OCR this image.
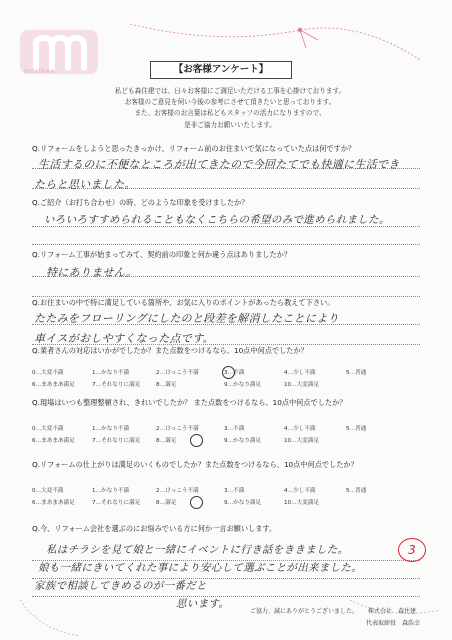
moriken	【お客様アンケート】
私ども森住建では、日々お客様にご満足いただける工事を心掛けております。
お客様のご意見を伺い今後の参考にさせて頂きたいと思っております。
また、お客様のお言葉は私どもスタッフの活力になりますので、
是非ご協力お願いいたします。
Q.リフォームをしようと思ったきっかけ、リフォーム前のお住まいで気になっていた点は何ですか？
生活するのに不便なところが出てきたので今回たてでも快適に生活でき
たらと思いました。
Q.ご紹介（お打ち合わせ）の時、どのような印象を受けましたか？
いろいろすすめられることもなくこちらの希望のみで進められました。
Q.リフォーム工事が始まってみて、契約前の印象と何か違う点はありましたか？
特にありません。
Q.お住まいの中で特に満足している箇所や、お気に入りのポイントがあったら教えて下さい。
たたみをフローリングにしたのと段差を解消したことにより
車イスがおしやすくなった点です。
Q.業者さんの対応はいかがでしたか？また点数をつけるなら、10点中何点でしたか？
0…大変不満	1…かなり不満	2…けっこう不満	3…不満	4…少し不満	5…普通
6…まあまあ満足	7…それなりに満足	8…満足	9…かなり満足	10…大変満足
Q.現場はいつも整理整頓され、きれいでしたか？ また点数をつけるなら、10点中何点でしたか？
0…大変不満	1…かなり不満	2…けっこう不満	3…不満	4…少し不満	5…普通
6…まあまあ満足	7…それなりに満足	8…満足	9…かなり満足	10…大変満足
Q.リフォームの仕上がりは満足のいくものでしたか？また点数をつけるなら、10点中何点でしたか？
0…大変不満	1…かなり不満	2…けっこう不満	3…不満	4…少し不満	5…普通
6…まあまあ満足	7…それなりに満足	8…満足	9…かなり満足	10…大変満足
Q.今、リフォーム会社を選ぶのにお悩みでいる方に何か一言お願いします。
私はチラシを見て娘と一緒にイベントに行き話をききました。
娘も一緒にきいてくれた事により安心して選ぶことが出来ました。
家族で相談してきめるのが一番だと
思います。
3
ご協力、誠にありがとうございました。 株式会社　森住建
代表取締役　森浩幸
